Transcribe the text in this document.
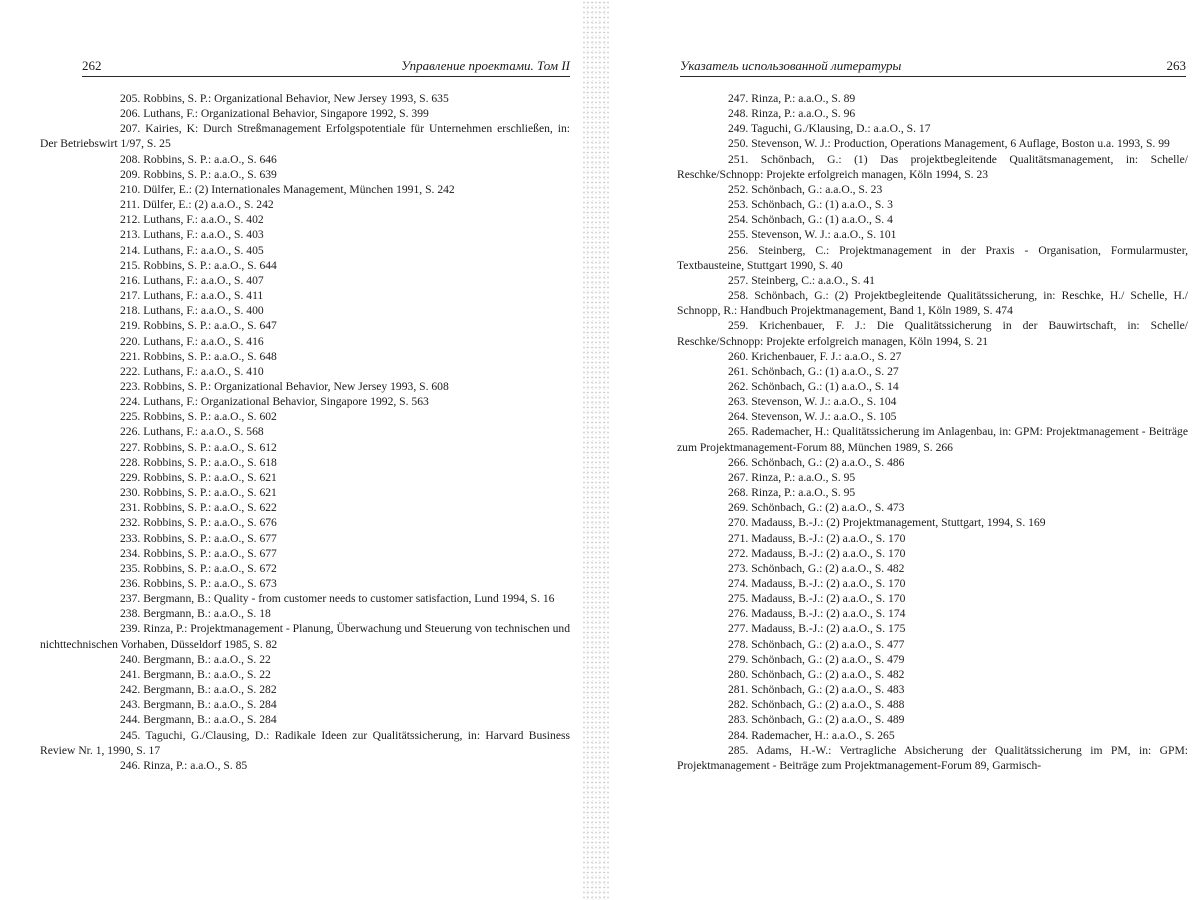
262	Управление проектами. Том II

205. Robbins, S. P.: Organizational Behavior, New Jersey 1993, S. 635

206. Luthans, F.: Organizational Behavior, Singapore 1992, S. 399

207. Kairies, K: Durch Streßmanagement Erfolgspotentiale für Unternehmen erschließen, in: Der Betriebswirt 1/97, S. 25

208. Robbins, S. P.: a.a.O., S. 646

209. Robbins, S. P.: a.a.O., S. 639

210. Dülfer, E.: (2) Internationales Management, München 1991, S. 242

211. Dülfer, E.: (2) a.a.O., S. 242

212. Luthans, F.: a.a.O., S. 402

213. Luthans, F.: a.a.O., S. 403

214. Luthans, F.: a.a.O., S. 405

215. Robbins, S. P.: a.a.O., S. 644

216. Luthans, F.: a.a.O., S. 407

217. Luthans, F.: a.a.O., S. 411

218. Luthans, F.: a.a.O., S. 400

219. Robbins, S. P.: a.a.O., S. 647

220. Luthans, F.: a.a.O., S. 416

221. Robbins, S. P.: a.a.O., S. 648

222. Luthans, F.: a.a.O., S. 410

223. Robbins, S. P.: Organizational Behavior, New Jersey 1993, S. 608

224. Luthans, F.: Organizational Behavior, Singapore 1992, S. 563

225. Robbins, S. P.: a.a.O., S. 602

226. Luthans, F.: a.a.O., S. 568

227. Robbins, S. P.: a.a.O., S. 612

228. Robbins, S. P.: a.a.O., S. 618

229. Robbins, S. P.: a.a.O., S. 621

230. Robbins, S. P.: a.a.O., S. 621

231. Robbins, S. P.: a.a.O., S. 622

232. Robbins, S. P.: a.a.O., S. 676

233. Robbins, S. P.: a.a.O., S. 677

234. Robbins, S. P.: a.a.O., S. 677

235. Robbins, S. P.: a.a.O., S. 672

236. Robbins, S. P.: a.a.O., S. 673

237. Bergmann, B.: Quality - from customer needs to customer satisfaction, Lund 1994, S. 16

238. Bergmann, B.: a.a.O., S. 18

239. Rinza, P.: Projektmanagement - Planung, Überwachung und Steuerung von technischen und nichttechnischen Vorhaben, Düsseldorf 1985, S. 82

240. Bergmann, B.: a.a.O., S. 22

241. Bergmann, B.: a.a.O., S. 22

242. Bergmann, B.: a.a.O., S. 282

243. Bergmann, B.: a.a.O., S. 284

244. Bergmann, B.: a.a.O., S. 284

245. Taguchi, G./Clausing, D.: Radikale Ideen zur Qualitätssicherung, in: Harvard Business Review Nr. 1, 1990, S. 17

246. Rinza, P.: a.a.O., S. 85

Указатель использованной литературы	263

247. Rinza, P.: a.a.O., S. 89

248. Rinza, P.: a.a.O., S. 96

249. Taguchi, G./Klausing, D.: a.a.O., S. 17

250. Stevenson, W. J.: Production, Operations Management, 6 Auflage, Boston u.a. 1993, S. 99

251. Schönbach, G.: (1) Das projektbegleitende Qualitätsmanagement, in: Schelle/ Reschke/Schnopp: Projekte erfolgreich managen, Köln 1994, S. 23

252. Schönbach, G.: a.a.O., S. 23

253. Schönbach, G.: (1) a.a.O., S. 3

254. Schönbach, G.: (1) a.a.O., S. 4

255. Stevenson, W. J.: a.a.O., S. 101

256. Steinberg, C.: Projektmanagement in der Praxis - Organisation, Formularmuster, Textbausteine, Stuttgart 1990, S. 40

257. Steinberg, C.: a.a.O., S. 41

258. Schönbach, G.: (2) Projektbegleitende Qualitätssicherung, in: Reschke, H./ Schelle, H./ Schnopp, R.: Handbuch Projektmanagement, Band 1, Köln 1989, S. 474

259. Krichenbauer, F. J.: Die Qualitätssicherung in der Bauwirtschaft, in: Schelle/ Reschke/Schnopp: Projekte erfolgreich managen, Köln 1994, S. 21

260. Krichenbauer, F. J.: a.a.O., S. 27

261. Schönbach, G.: (1) a.a.O., S. 27

262. Schönbach, G.: (1) a.a.O., S. 14

263. Stevenson, W. J.: a.a.O., S. 104

264. Stevenson, W. J.: a.a.O., S. 105

265. Rademacher, H.: Qualitätssicherung im Anlagenbau, in: GPM: Projektmanagement - Beiträge zum Projektmanagement-Forum 88, München 1989, S. 266

266. Schönbach, G.: (2) a.a.O., S. 486

267. Rinza, P.: a.a.O., S. 95

268. Rinza, P.: a.a.O., S. 95

269. Schönbach, G.: (2) a.a.O., S. 473

270. Madauss, B.-J.: (2) Projektmanagement, Stuttgart, 1994, S. 169

271. Madauss, B.-J.: (2) a.a.O., S. 170

272. Madauss, B.-J.: (2) a.a.O., S. 170

273. Schönbach, G.: (2) a.a.O., S. 482

274. Madauss, B.-J.: (2) a.a.O., S. 170

275. Madauss, B.-J.: (2) a.a.O., S. 170

276. Madauss, B.-J.: (2) a.a.O., S. 174

277. Madauss, B.-J.: (2) a.a.O., S. 175

278. Schönbach, G.: (2) a.a.O., S. 477

279. Schönbach, G.: (2) a.a.O., S. 479

280. Schönbach, G.: (2) a.a.O., S. 482

281. Schönbach, G.: (2) a.a.O., S. 483

282. Schönbach, G.: (2) a.a.O., S. 488

283. Schönbach, G.: (2) a.a.O., S. 489

284. Rademacher, H.: a.a.O., S. 265

285. Adams, H.-W.: Vertragliche Absicherung der Qualitätssicherung im PM, in: GPM: Projektmanagement - Beiträge zum Projektmanagement-Forum 89, Garmisch-
